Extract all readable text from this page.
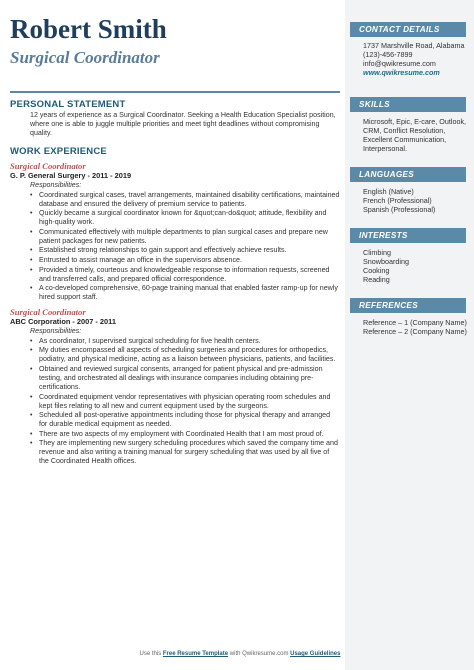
Robert Smith
Surgical Coordinator
PERSONAL STATEMENT
12 years of experience as a Surgical Coordinator. Seeking a Health Education Specialist position, where one is able to juggle multiple priorities and meet tight deadlines without compromising quality.
WORK EXPERIENCE
Surgical Coordinator
G. P. General Surgery - 2011 - 2019
Responsibilities:
• Coordinated surgical cases, travel arrangements, maintained disability certifications, maintained database and ensured the delivery of premium service to patients.
• Quickly became a surgical coordinator known for &quot;can-do&quot; attitude, flexibility and high-quality work.
• Communicated effectively with multiple departments to plan surgical cases and prepare new patient packages for new patients.
• Established strong relationships to gain support and effectively achieve results.
• Entrusted to assist manage an office in the supervisors absence.
• Provided a timely, courteous and knowledgeable response to information requests, screened and transferred calls, and prepared official correspondence.
• A co-developed comprehensive, 60-page training manual that enabled faster ramp-up for newly hired support staff.
Surgical Coordinator
ABC Corporation - 2007 - 2011
Responsibilities:
• As coordinator, I supervised surgical scheduling for five health centers.
• My duties encompassed all aspects of scheduling surgeries and procedures for orthopedics, podiatry, and physical medicine, acting as a liaison between physicians, patients, and facilities.
• Obtained and reviewed surgical consents, arranged for patient physical and pre-admission testing, and orchestrated all dealings with insurance companies including obtaining pre-certifications.
• Coordinated equipment vendor representatives with physician operating room schedules and kept files relating to all new and current equipment used by the surgeons.
• Scheduled all post-operative appointments including those for physical therapy and arranged for durable medical equipment as needed.
• There are two aspects of my employment with Coordinated Health that I am most proud of.
• They are implementing new surgery scheduling procedures which saved the company time and revenue and also writing a training manual for surgery scheduling that was used by all five of the Coordinated Health offices.
CONTACT DETAILS
1737 Marshville Road, Alabama
(123)-456-7899
info@qwikresume.com
www.qwikresume.com
SKILLS
Microsoft, Epic, E-care, Outlook, CRM, Conflict Resolution, Excellent Communication, Interpersonal.
LANGUAGES
English (Native)
French (Professional)
Spanish (Professional)
INTERESTS
Climbing
Snowboarding
Cooking
Reading
REFERENCES
Reference – 1 (Company Name)
Reference – 2 (Company Name)
Use this Free Resume Template with Qwikresume.com Usage Guidelines
